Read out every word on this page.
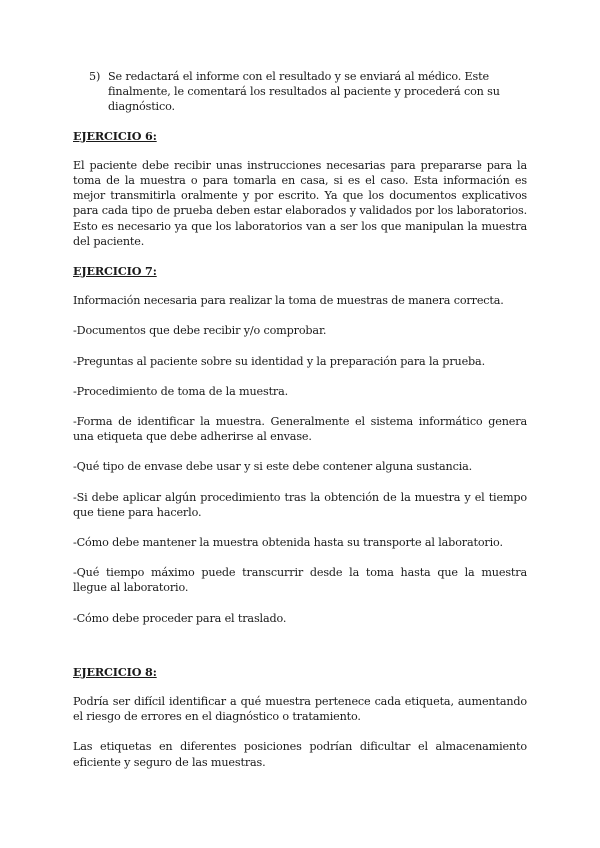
5) Se redactará el informe con el resultado y se enviará al médico. Este finalmente, le comentará los resultados al paciente y procederá con su diagnóstico.
EJERCICIO 6:

El paciente debe recibir unas instrucciones necesarias para prepararse para la toma de la muestra o para tomarla en casa, si es el caso. Esta información es mejor transmitirla oralmente y por escrito. Ya que los documentos explicativos para cada tipo de prueba deben estar elaborados y validados por los laboratorios. Esto es necesario ya que los laboratorios van a ser los que manipulan la muestra del paciente.

EJERCICIO 7:

Información necesaria para realizar la toma de muestras de manera correcta.

-Documentos que debe recibir y/o comprobar.

-Preguntas al paciente sobre su identidad y la preparación para la prueba.

-Procedimiento de toma de la muestra.

-Forma de identificar la muestra. Generalmente el sistema informático genera una etiqueta que debe adherirse al envase.

-Qué tipo de envase debe usar y si este debe contener alguna sustancia.

-Si debe aplicar algún procedimiento tras la obtención de la muestra y el tiempo que tiene para hacerlo.

-Cómo debe mantener la muestra obtenida hasta su transporte al laboratorio.

-Qué tiempo máximo puede transcurrir desde la toma hasta que la muestra llegue al laboratorio.

-Cómo debe proceder para el traslado.

EJERCICIO 8:

Podría ser difícil identificar a qué muestra pertenece cada etiqueta, aumentando el riesgo de errores en el diagnóstico o tratamiento.

Las etiquetas en diferentes posiciones podrían dificultar el almacenamiento eficiente y seguro de las muestras.
